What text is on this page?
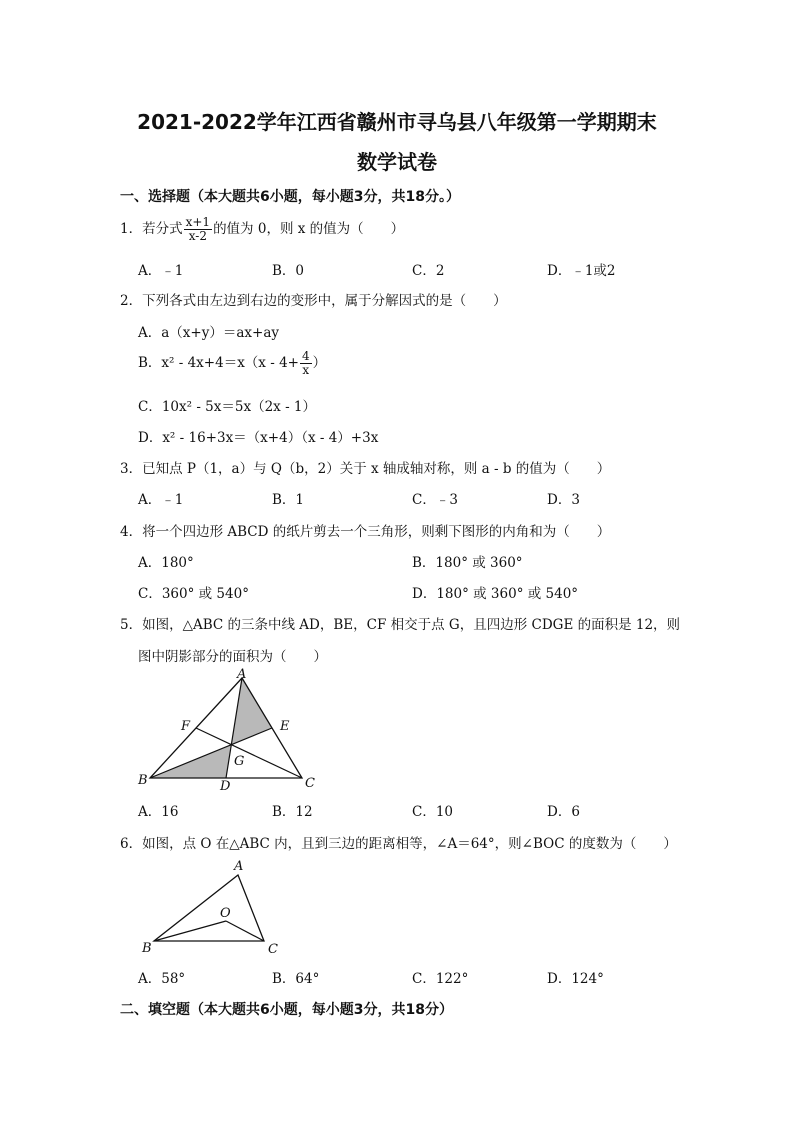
2021-2022学年江西省赣州市寻乌县八年级第一学期期末
数学试卷
一、选择题（本大题共6小题，每小题3分，共18分。）
1．若分式 $\frac{x+1}{x-2}$ 的值为 0，则 x 的值为（　　）
A．﹣1	B．0	C．2	D．﹣1或2
2．下列各式由左边到右边的变形中，属于分解因式的是（　　）
A．a（x+y）＝ax+ay
B．$x^2 - 4x+4=x(x - 4+ \frac{4}{x}$ ）
C．10x² - 5x＝5x（2x - 1）
D．x² - 16+3x＝（x+4）（x - 4）+3x
3．已知点 P（1，a）与 Q（b，2）关于 x 轴成轴对称，则 a - b 的值为（　　）
A．﹣1	B．1	C．﹣3	D．3
4．将一个四边形 ABCD 的纸片剪去一个三角形，则剩下图形的内角和为（　　）
A．180°	B．180° 或 360°
C．360° 或 540°	D．180° 或 360° 或 540°
5．如图，△ABC 的三条中线 AD，BE，CF 相交于点 G，且四边形 CDGE 的面积是 12，则
图中阴影部分的面积为（　　）
A
B	C
D
E
F
G
A．16	B．12	C．10	D．6
6．如图，点 O 在△ABC 内，且到三边的距离相等，∠A＝64°，则∠BOC 的度数为（　　）
A
B	C
O
A．58°	B．64°	C．122°	D．124°
二、填空题（本大题共6小题，每小题3分，共18分）
